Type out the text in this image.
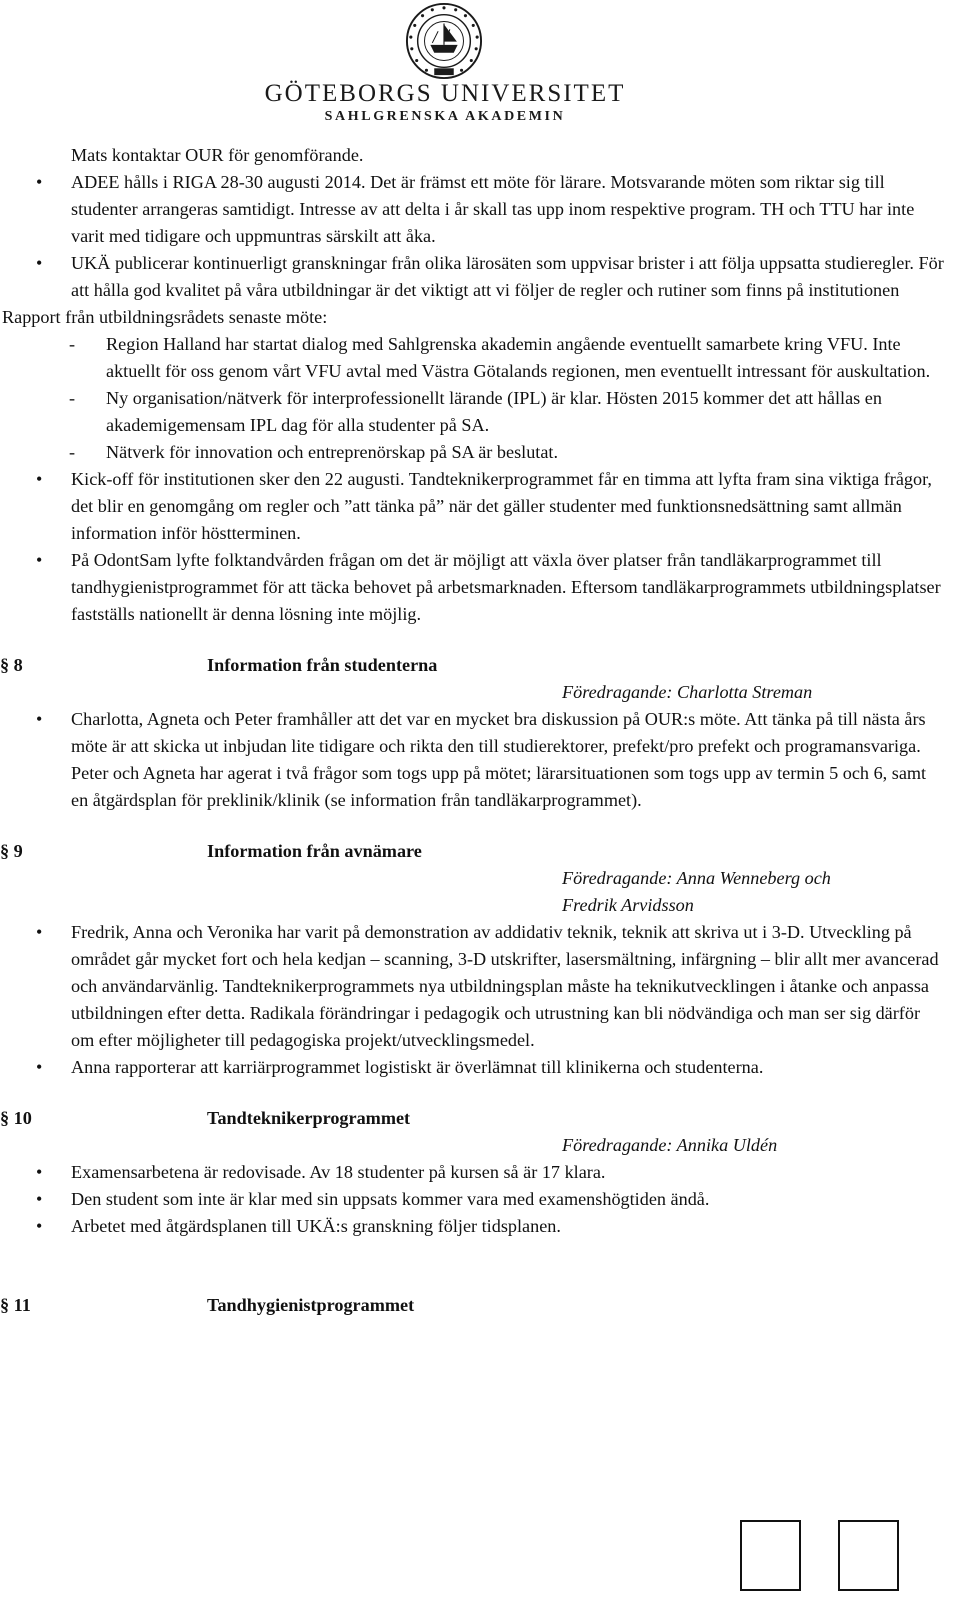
GÖTEBORGS UNIVERSITET
SAHLGRENSKA AKADEMIN

Mats kontaktar OUR för genomförande.

• ADEE hålls i RIGA 28-30 augusti 2014. Det är främst ett möte för lärare. Motsvarande möten som riktar sig till studenter arrangeras samtidigt. Intresse av att delta i år skall tas upp inom respektive program. TH och TTU har inte varit med tidigare och uppmuntras särskilt att åka.
• UKÄ publicerar kontinuerligt granskningar från olika lärosäten som uppvisar brister i att följa uppsatta studieregler. För att hålla god kvalitet på våra utbildningar är det viktigt att vi följer de regler och rutiner som finns på institutionen

Rapport från utbildningsrådets senaste möte:

- Region Halland har startat dialog med Sahlgrenska akademin angående eventuellt samarbete kring VFU. Inte aktuellt för oss genom vårt VFU avtal med Västra Götalands regionen, men eventuellt intressant för auskultation.
- Ny organisation/nätverk för interprofessionellt lärande (IPL) är klar. Hösten 2015 kommer det att hållas en akademigemensam IPL dag för alla studenter på SA.
- Nätverk för innovation och entreprenörskap på SA är beslutat.
• Kick-off för institutionen sker den 22 augusti. Tandteknikerprogrammet får en timma att lyfta fram sina viktiga frågor, det blir en genomgång om regler och ”att tänka på” när det gäller studenter med funktionsnedsättning samt allmän information inför höstterminen.
• På OdontSam lyfte folktandvården frågan om det är möjligt att växla över platser från tandläkarprogrammet till tandhygienistprogrammet för att täcka behovet på arbetsmarknaden. Eftersom tandläkarprogrammets utbildningsplatser fastställs nationellt är denna lösning inte möjlig.
§ 8	Information från studenterna
Föredragande: Charlotta Streman
• Charlotta, Agneta och Peter framhåller att det var en mycket bra diskussion på OUR:s möte. Att tänka på till nästa års möte är att skicka ut inbjudan lite tidigare och rikta den till studierektorer, prefekt/pro prefekt och programansvariga. Peter och Agneta har agerat i två frågor som togs upp på mötet; lärarsituationen som togs upp av termin 5 och 6, samt en åtgärdsplan för preklinik/klinik (se information från tandläkarprogrammet).
§ 9	Information från avnämare
Föredragande: Anna Wenneberg och
Fredrik Arvidsson
• Fredrik, Anna och Veronika har varit på demonstration av addidativ teknik, teknik att skriva ut i 3-D. Utveckling på området går mycket fort och hela kedjan – scanning, 3-D utskrifter, lasersmältning, infärgning – blir allt mer avancerad och användarvänlig. Tandteknikerprogrammets nya utbildningsplan måste ha teknikutvecklingen i åtanke och anpassa utbildningen efter detta. Radikala förändringar i pedagogik och utrustning kan bli nödvändiga och man ser sig därför om efter möjligheter till pedagogiska projekt/utvecklingsmedel.
• Anna rapporterar att karriärprogrammet logistiskt är överlämnat till klinikerna och studenterna.
§ 10	Tandteknikerprogrammet
Föredragande: Annika Uldén
• Examensarbetena är redovisade. Av 18 studenter på kursen så är 17 klara.
• Den student som inte är klar med sin uppsats kommer vara med examenshögtiden ändå.
• Arbetet med åtgärdsplanen till UKÄ:s granskning följer tidsplanen.
§ 11	Tandhygienistprogrammet
